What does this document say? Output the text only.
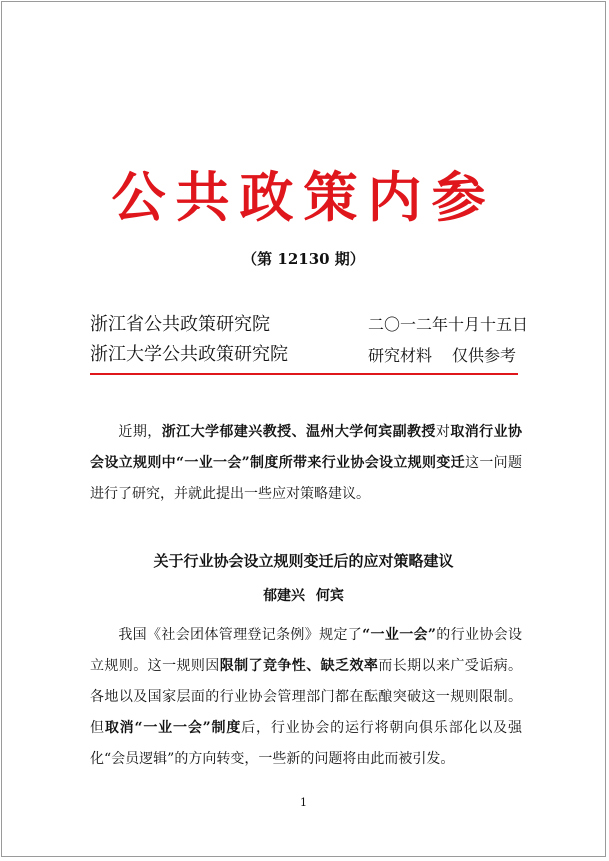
公共政策内参
（第 12130 期）
浙江省公共政策研究院
浙江大学公共政策研究院
二〇一二年十月十五日
研究材料 仅供参考
近期，浙江大学郁建兴教授、温州大学何宾副教授对取消行业协会设立规则中“一业一会”制度所带来行业协会设立规则变迁这一问题进行了研究，并就此提出一些应对策略建议。
关于行业协会设立规则变迁后的应对策略建议
郁建兴 何宾
我国《社会团体管理登记条例》规定了“一业一会”的行业协会设立规则。这一规则因限制了竞争性、缺乏效率而长期以来广受诟病。各地以及国家层面的行业协会管理部门都在酝酿突破这一规则限制。但取消“一业一会”制度后，行业协会的运行将朝向俱乐部化以及强化“会员逻辑”的方向转变，一些新的问题将由此而被引发。
1
